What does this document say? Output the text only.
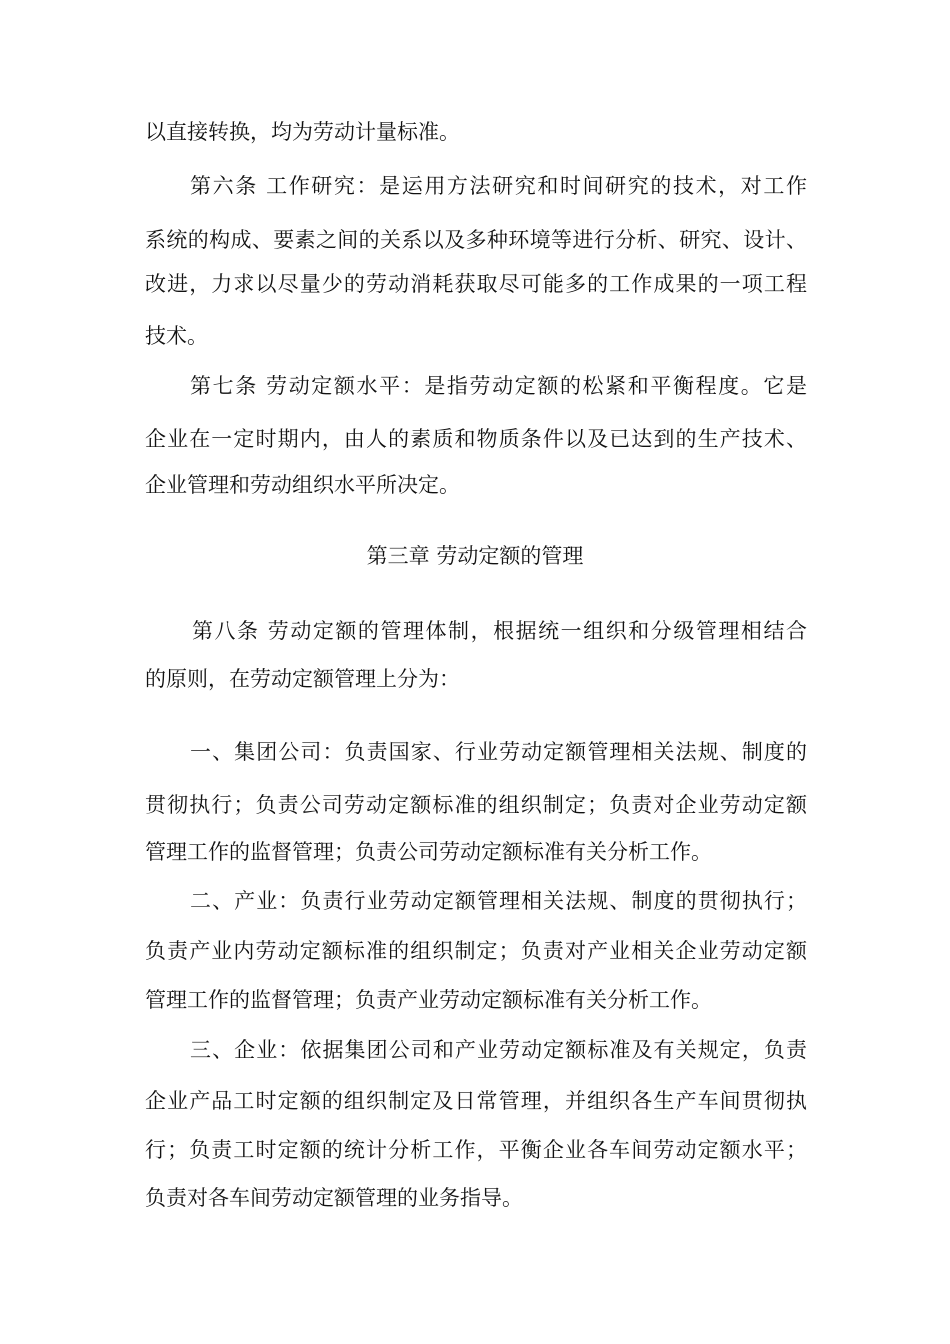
以直接转换，均为劳动计量标准。
第六条 工作研究：是运用方法研究和时间研究的技术，对工作
系统的构成、要素之间的关系以及多种环境等进行分析、研究、设计、
改进，力求以尽量少的劳动消耗获取尽可能多的工作成果的一项工程
技术。
第七条 劳动定额水平：是指劳动定额的松紧和平衡程度。它是
企业在一定时期内，由人的素质和物质条件以及已达到的生产技术、
企业管理和劳动组织水平所决定。
第三章 劳动定额的管理
第八条 劳动定额的管理体制，根据统一组织和分级管理相结合
的原则，在劳动定额管理上分为：
一、集团公司：负责国家、行业劳动定额管理相关法规、制度的
贯彻执行；负责公司劳动定额标准的组织制定；负责对企业劳动定额
管理工作的监督管理；负责公司劳动定额标准有关分析工作。
二、产业：负责行业劳动定额管理相关法规、制度的贯彻执行；
负责产业内劳动定额标准的组织制定；负责对产业相关企业劳动定额
管理工作的监督管理；负责产业劳动定额标准有关分析工作。
三、企业：依据集团公司和产业劳动定额标准及有关规定，负责
企业产品工时定额的组织制定及日常管理，并组织各生产车间贯彻执
行；负责工时定额的统计分析工作，平衡企业各车间劳动定额水平；
负责对各车间劳动定额管理的业务指导。
